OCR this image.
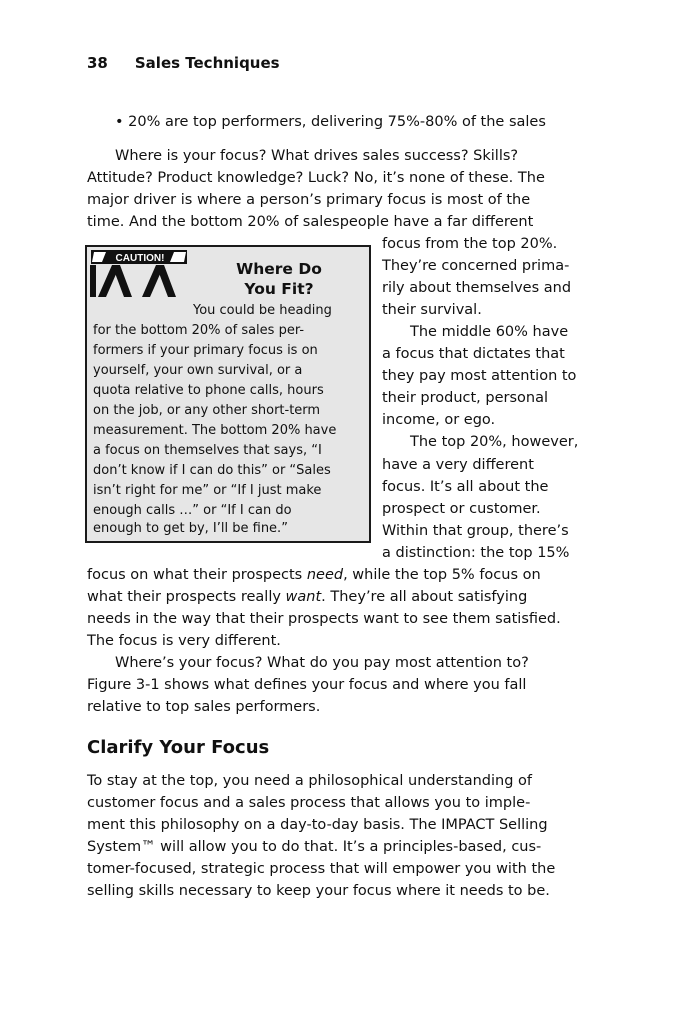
38 Sales Techniques
• 20% are top performers, delivering 75%-80% of the sales
Where is your focus? What drives sales success? Skills?
Attitude? Product knowledge? Luck? No, it’s none of these. The
major driver is where a person’s primary focus is most of the
time. And the bottom 20% of salespeople have a far different
focus from the top 20%.
They’re concerned prima-
rily about themselves and
their survival.
The middle 60% have
a focus that dictates that
they pay most attention to
their product, personal
income, or ego.
The top 20%, however,
have a very different
focus. It’s all about the
prospect or customer.
Within that group, there’s
a distinction: the top 15%
CAUTION!
Where Do
You Fit?
You could be heading
for the bottom 20% of sales per-
formers if your primary focus is on
yourself, your own survival, or a
quota relative to phone calls, hours
on the job, or any other short-term
measurement. The bottom 20% have
a focus on themselves that says, “I
don’t know if I can do this” or “Sales
isn’t right for me” or “If I just make
enough calls …” or “If I can do
enough to get by, I’ll be fine.”
focus on what their prospects need, while the top 5% focus on
what their prospects really want. They’re all about satisfying
needs in the way that their prospects want to see them satisfied.
The focus is very different.
Where’s your focus? What do you pay most attention to?
Figure 3-1 shows what defines your focus and where you fall
relative to top sales performers.
Clarify Your Focus
To stay at the top, you need a philosophical understanding of
customer focus and a sales process that allows you to imple-
ment this philosophy on a day-to-day basis. The IMPACT Selling
System™ will allow you to do that. It’s a principles-based, cus-
tomer-focused, strategic process that will empower you with the
selling skills necessary to keep your focus where it needs to be.
